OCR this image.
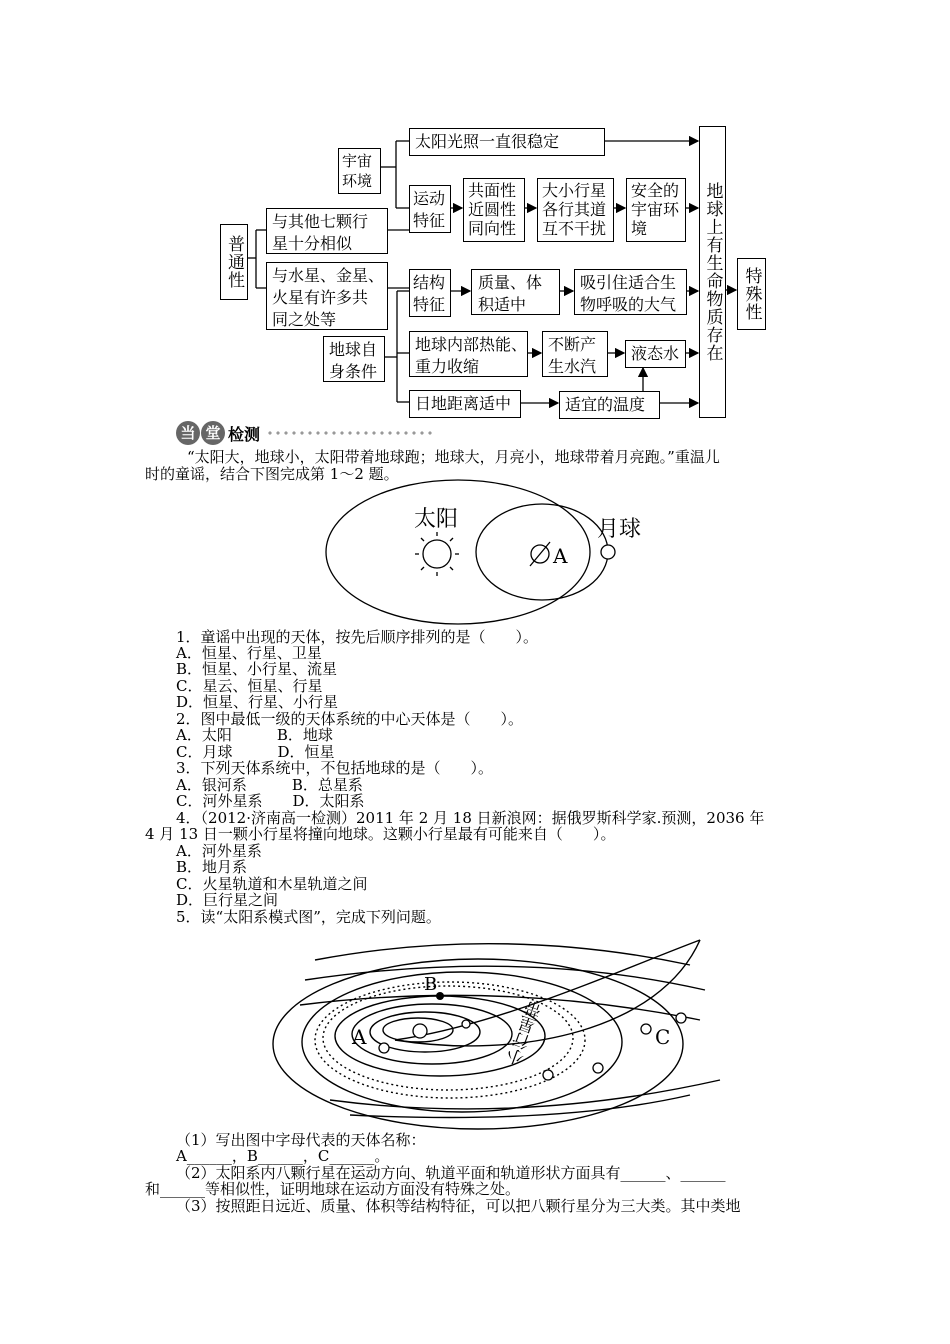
宇宙
环境
太阳光照一直很稳定
运动
特征
共面性
近圆性
同向性
大小行星
各行其道
互不干扰
安全的
宇宙环
境
普通性
与其他七颗行
星十分相似
与水星、金星、
火星有许多共
同之处等
结构
特征
质量、体
积适中
吸引住适合生
物呼吸的大气	地球上有生命物质存在 特殊性
地球自
身条件
地球内部热能、
重力收缩
不断产
生水汽
液态水
日地距离适中	适宜的温度
当 堂 检测
“太阳大，地球小，太阳带着地球跑；地球大，月亮小，地球带着月亮跑。”重温儿
时的童谣，结合下图完成第 1～2 题。
太阳	月球
A
1．童谣中出现的天体，按先后顺序排列的是（　　）。
A．恒星、行星、卫星
B．恒星、小行星、流星
C．星云、恒星、行星
D．恒星、行星、小行星
2．图中最低一级的天体系统的中心天体是（　　）。
A．太阳　　　B．地球
C．月球　　　D．恒星
3．下列天体系统中，不包括地球的是（　　）。
A．银河系　　　B．总星系
C．河外星系　　D．太阳系
4．（2012·济南高一检测）2011 年 2 月 18 日新浪网：据俄罗斯科学家.预测，2036 年
4 月 13 日一颗小行星将撞向地球。这颗小行星最有可能来自（　　）。
A．河外星系
B．地月系
C．火星轨道和木星轨道之间
D．巨行星之间
5．读“太阳系模式图”，完成下列问题。
A
B
C
小行星带
（1）写出图中字母代表的天体名称：
A______，B______，C______。
（2）太阳系内八颗行星在运动方向、轨道平面和轨道形状方面具有______、______
和______等相似性，证明地球在运动方面没有特殊之处。
（3）按照距日远近、质量、体积等结构特征，可以把八颗行星分为三大类。其中类地
